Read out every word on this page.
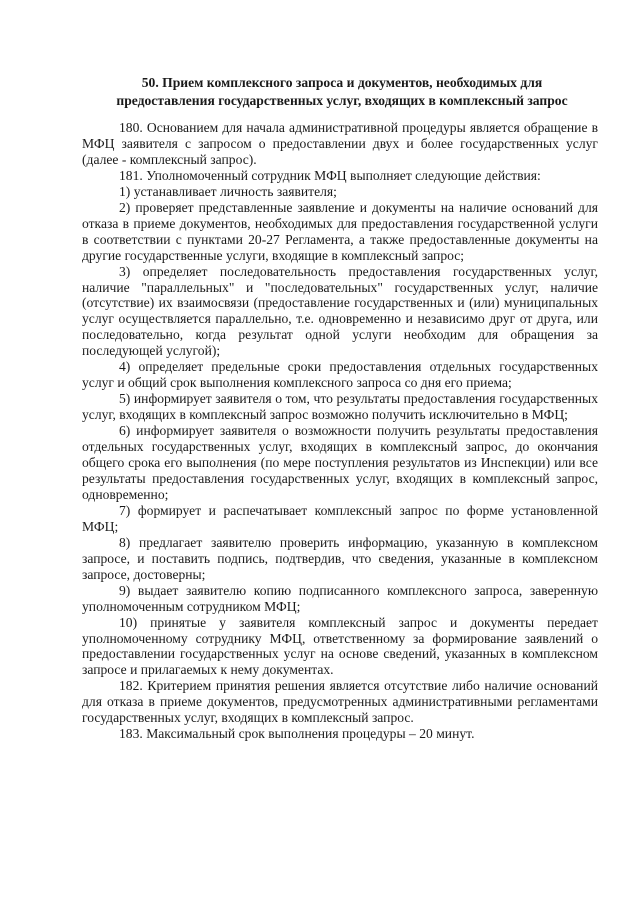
50. Прием комплексного запроса и документов, необходимых для
предоставления государственных услуг, входящих в комплексный запрос

180. Основанием для начала административной процедуры является обращение в МФЦ заявителя с запросом о предоставлении двух и более государственных услуг (далее - комплексный запрос).

181. Уполномоченный сотрудник МФЦ выполняет следующие действия:

1) устанавливает личность заявителя;

2) проверяет представленные заявление и документы на наличие оснований для отказа в приеме документов, необходимых для предоставления государственной услуги в соответствии с пунктами 20-27 Регламента, а также предоставленные документы на другие государственные услуги, входящие в комплексный запрос;

3) определяет последовательность предоставления государственных услуг, наличие "параллельных" и "последовательных" государственных услуг, наличие (отсутствие) их взаимосвязи (предоставление государственных и (или) муниципальных услуг осуществляется параллельно, т.е. одновременно и независимо друг от друга, или последовательно, когда результат одной услуги необходим для обращения за последующей услугой);

4) определяет предельные сроки предоставления отдельных государственных услуг и общий срок выполнения комплексного запроса со дня его приема;

5) информирует заявителя о том, что результаты предоставления государственных услуг, входящих в комплексный запрос возможно получить исключительно в МФЦ;

6) информирует заявителя о возможности получить результаты предоставления отдельных государственных услуг, входящих в комплексный запрос, до окончания общего срока его выполнения (по мере поступления результатов из Инспекции) или все результаты предоставления государственных услуг, входящих в комплексный запрос, одновременно;

7) формирует и распечатывает комплексный запрос по форме установленной МФЦ;

8) предлагает заявителю проверить информацию, указанную в комплексном запросе, и поставить подпись, подтвердив, что сведения, указанные в комплексном запросе, достоверны;

9) выдает заявителю копию подписанного комплексного запроса, заверенную уполномоченным сотрудником МФЦ;

10) принятые у заявителя комплексный запрос и документы передает уполномоченному сотруднику МФЦ, ответственному за формирование заявлений о предоставлении государственных услуг на основе сведений, указанных в комплексном запросе и прилагаемых к нему документах.

182. Критерием принятия решения является отсутствие либо наличие оснований для отказа в приеме документов, предусмотренных административными регламентами государственных услуг, входящих в комплексный запрос.

183. Максимальный срок выполнения процедуры – 20 минут.
